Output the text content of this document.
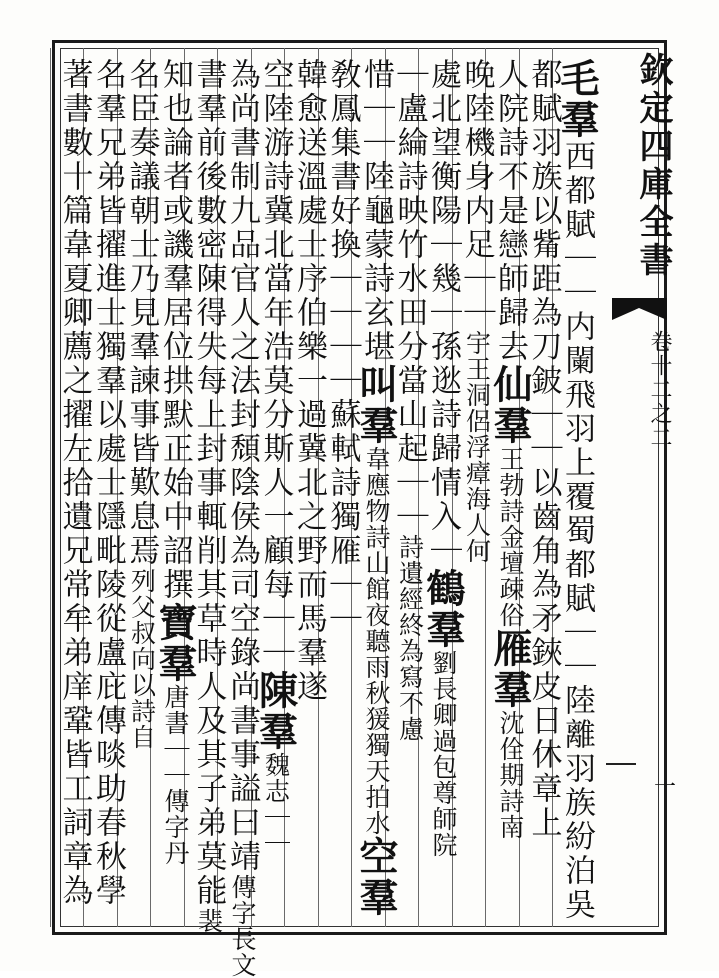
欽定四庫全書
卷十二之二
一
毛羣西都賦｜｜内闌飛羽上覆蜀都賦｜｜陸離羽族紛泊吳
都賦羽族以觜距為刀鈹｜｜以齒角為矛鋏皮日休章上
人院詩不是戀師歸去仙羣王勃詩金壇疎俗雁羣沈佺期詩南
晚陸機身内足｜｜宇王洞侶浮瘴海人何
處北望衡陽｜幾｜孫逖詩歸情入｜鶴羣劉長卿過包尊師院
｜盧綸詩映竹水田分當山起｜｜詩遺經終為寫不慮
惜｜｜陸龜蒙詩玄堪叫羣韋應物詩山館夜聽雨秋猨獨天拍水空羣
敎鳳集書好換｜｜｜｜蘇軾詩獨雁｜｜
韓愈送溫處士序伯樂一過冀北之野而馬羣遂
空陸游詩冀北當年浩莫分斯人一顧每｜｜陳羣魏志｜｜
為尚書制九品官人之法封頹陰侯為司空錄尚書事謚曰靖傳字長文
書羣前後數密陳得失每上封事輒削其草時人及其子弟莫能裴
知也論者或譏羣居位拱默正始中詔撰寶羣唐書｜｜傳字丹
名臣奏議朝士乃見羣諫事皆歎息焉列父叔向以詩自
名羣兄弟皆擢進士獨羣以處士隱毗陵從盧庇傳啖助春秋學
著書數十篇韋夏卿薦之擢左拾遺兄常牟弟庠鞏皆工詞章為
